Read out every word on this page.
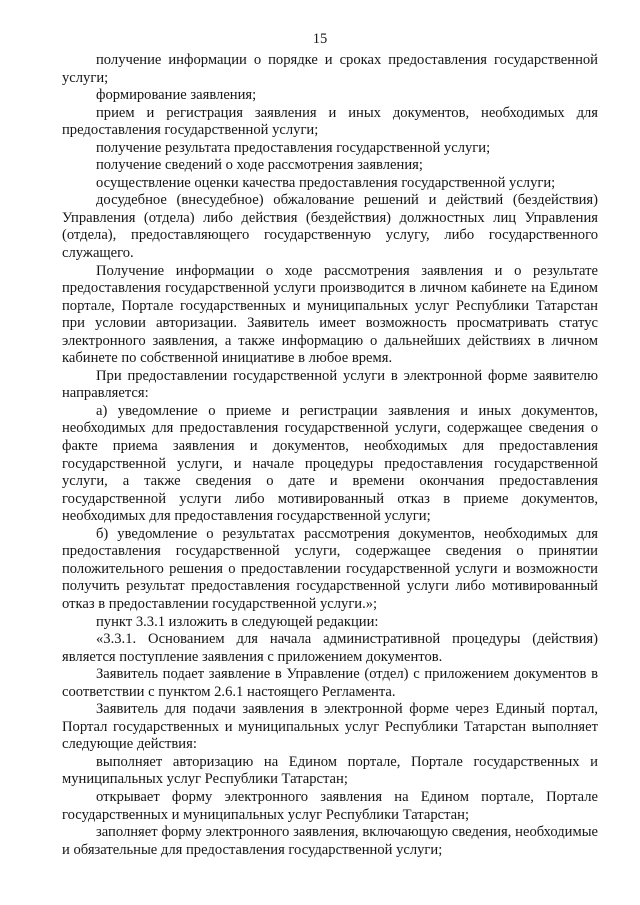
15

получение информации о порядке и сроках предоставления государственной услуги;

формирование заявления;

прием и регистрация заявления и иных документов, необходимых для предоставления государственной услуги;

получение результата предоставления государственной услуги;

получение сведений о ходе рассмотрения заявления;

осуществление оценки качества предоставления государственной услуги;

досудебное (внесудебное) обжалование решений и действий (бездействия) Управления (отдела) либо действия (бездействия) должностных лиц Управления (отдела), предоставляющего государственную услугу, либо государственного служащего.

Получение информации о ходе рассмотрения заявления и о результате предоставления государственной услуги производится в личном кабинете на Едином портале, Портале государственных и муниципальных услуг Республики Татарстан при условии авторизации. Заявитель имеет возможность просматривать статус электронного заявления, а также информацию о дальнейших действиях в личном кабинете по собственной инициативе в любое время.

При предоставлении государственной услуги в электронной форме заявителю направляется:

а) уведомление о приеме и регистрации заявления и иных документов, необходимых для предоставления государственной услуги, содержащее сведения о факте приема заявления и документов, необходимых для предоставления государственной услуги, и начале процедуры предоставления государственной услуги, а также сведения о дате и времени окончания предоставления государственной услуги либо мотивированный отказ в приеме документов, необходимых для предоставления государственной услуги;

б) уведомление о результатах рассмотрения документов, необходимых для предоставления государственной услуги, содержащее сведения о принятии положительного решения о предоставлении государственной услуги и возможности получить результат предоставления государственной услуги либо мотивированный отказ в предоставлении государственной услуги.»;

пункт 3.3.1 изложить в следующей редакции:

«3.3.1. Основанием для начала административной процедуры (действия) является поступление заявления с приложением документов.

Заявитель подает заявление в Управление (отдел) с приложением документов в соответствии с пунктом 2.6.1 настоящего Регламента.

Заявитель для подачи заявления в электронной форме через Единый портал, Портал государственных и муниципальных услуг Республики Татарстан выполняет следующие действия:

выполняет авторизацию на Едином портале, Портале государственных и муниципальных услуг Республики Татарстан;

открывает форму электронного заявления на Едином портале, Портале государственных и муниципальных услуг Республики Татарстан;

заполняет форму электронного заявления, включающую сведения, необходимые и обязательные для предоставления государственной услуги;
